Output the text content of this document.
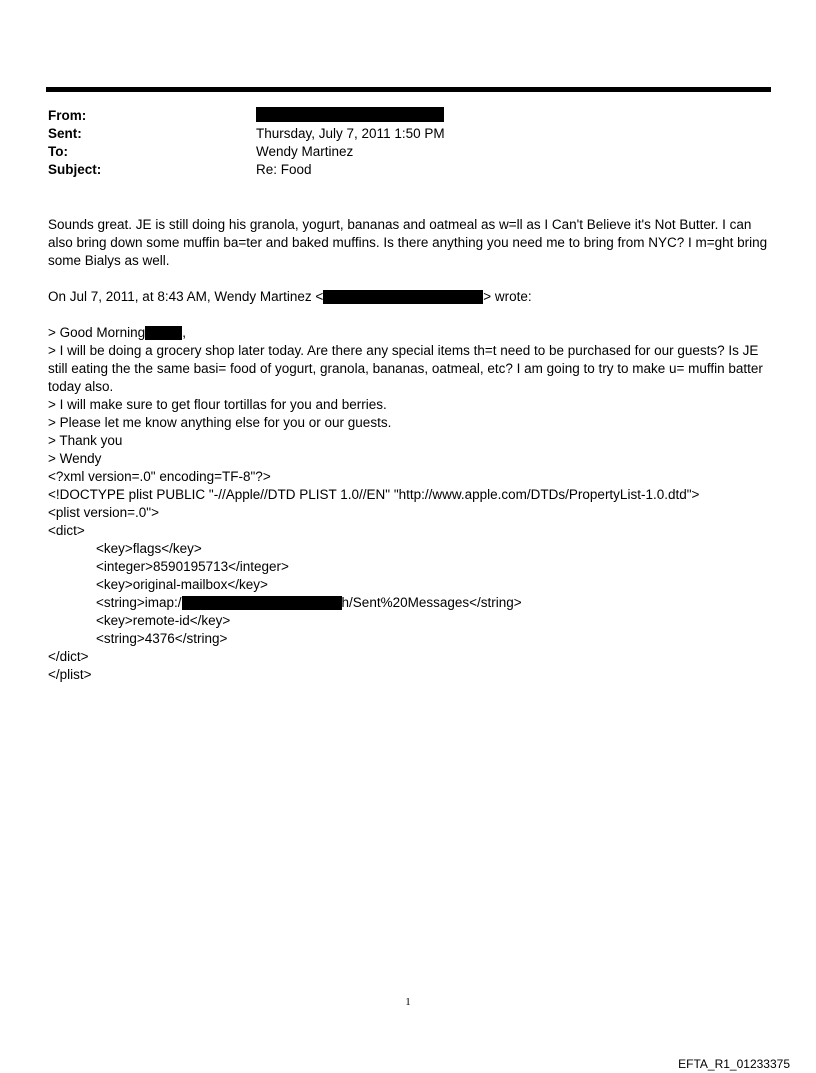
From:
Sent:	Thursday, July 7, 2011 1:50 PM
To:	Wendy Martinez
Subject:	Re: Food

Sounds great. JE is still doing his granola, yogurt, bananas and oatmeal as w=ll as I Can't Believe it's Not Butter. I can also bring down some muffin ba=ter and baked muffins. Is there anything you need me to bring from NYC? I m=ght bring some Bialys as well.

On Jul 7, 2011, at 8:43 AM, Wendy Martinez <	> wrote:

> Good Morning	,

> I will be doing a grocery shop later today. Are there any special items th=t need to be purchased for our guests? Is JE still eating the the same basi= food of yogurt, granola, bananas, oatmeal, etc? I am going to try to make u= muffin batter today also.

> I will make sure to get flour tortillas for you and berries.

> Please let me know anything else for you or our guests.

> Thank you

> Wendy

<?xml version=.0" encoding=TF-8"?>

<!DOCTYPE plist PUBLIC "-//Apple//DTD PLIST 1.0//EN" "http://www.apple.com/DTDs/PropertyList-1.0.dtd">

<plist version=.0">

<dict>

<key>flags</key>

<integer>8590195713</integer>

<key>original-mailbox</key>

<string>imap:/	h/Sent%20Messages</string>

<key>remote-id</key>

<string>4376</string>

</dict>

</plist>

1
EFTA_R1_01233375
